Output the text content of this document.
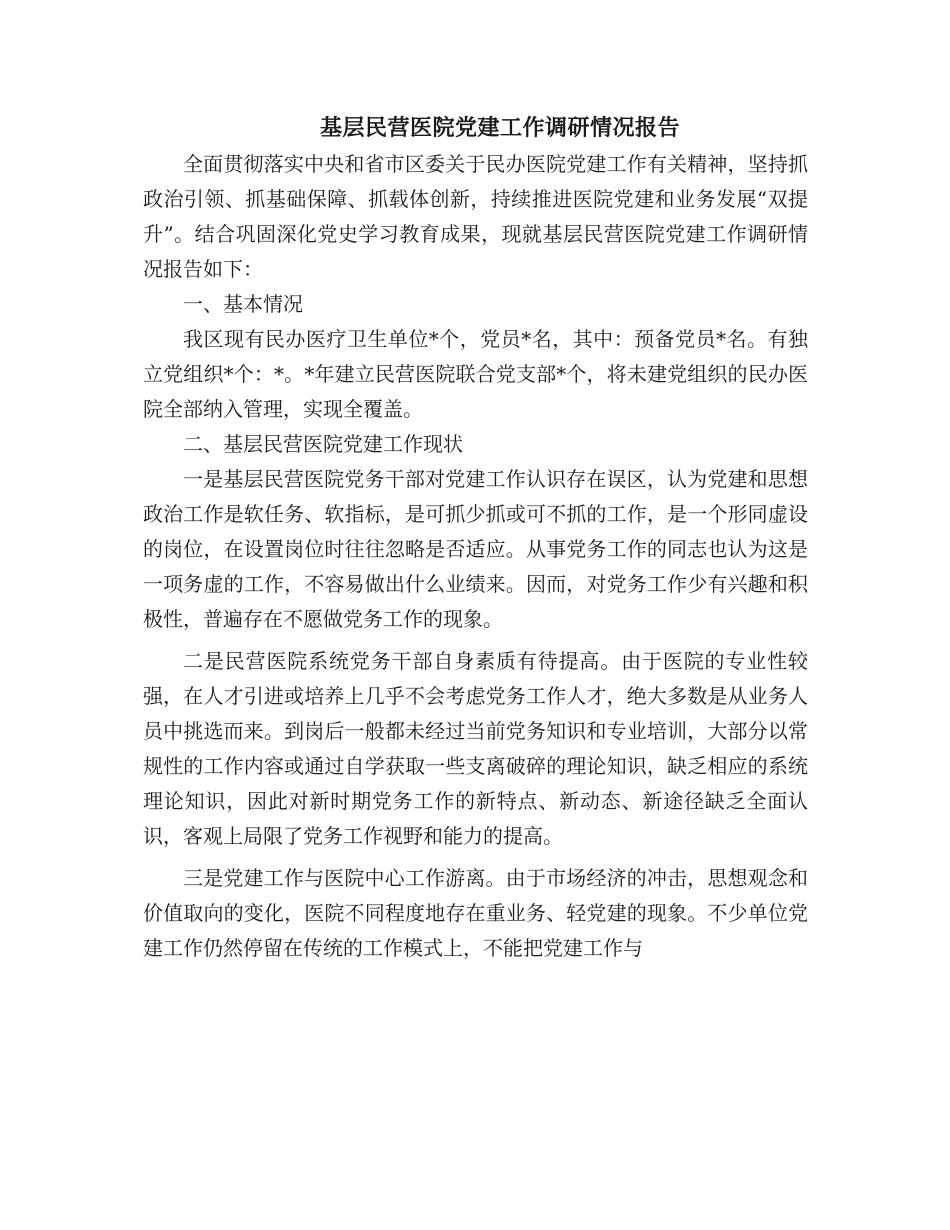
基层民营医院党建工作调研情况报告

全面贯彻落实中央和省市区委关于民办医院党建工作有关精神，坚持抓政治引领、抓基础保障、抓载体创新，持续推进医院党建和业务发展“双提升”。结合巩固深化党史学习教育成果，现就基层民营医院党建工作调研情况报告如下：

一、基本情况

我区现有民办医疗卫生单位*个，党员*名，其中：预备党员*名。有独立党组织*个：*。*年建立民营医院联合党支部*个，将未建党组织的民办医院全部纳入管理，实现全覆盖。

二、基层民营医院党建工作现状

一是基层民营医院党务干部对党建工作认识存在误区，认为党建和思想政治工作是软任务、软指标，是可抓少抓或可不抓的工作，是一个形同虚设的岗位，在设置岗位时往往忽略是否适应。从事党务工作的同志也认为这是一项务虚的工作，不容易做出什么业绩来。因而，对党务工作少有兴趣和积极性，普遍存在不愿做党务工作的现象。

二是民营医院系统党务干部自身素质有待提高。由于医院的专业性较强，在人才引进或培养上几乎不会考虑党务工作人才，绝大多数是从业务人员中挑选而来。到岗后一般都未经过当前党务知识和专业培训，大部分以常规性的工作内容或通过自学获取一些支离破碎的理论知识，缺乏相应的系统理论知识，因此对新时期党务工作的新特点、新动态、新途径缺乏全面认识，客观上局限了党务工作视野和能力的提高。

三是党建工作与医院中心工作游离。由于市场经济的冲击，思想观念和价值取向的变化，医院不同程度地存在重业务、轻党建的现象。不少单位党建工作仍然停留在传统的工作模式上，不能把党建工作与
